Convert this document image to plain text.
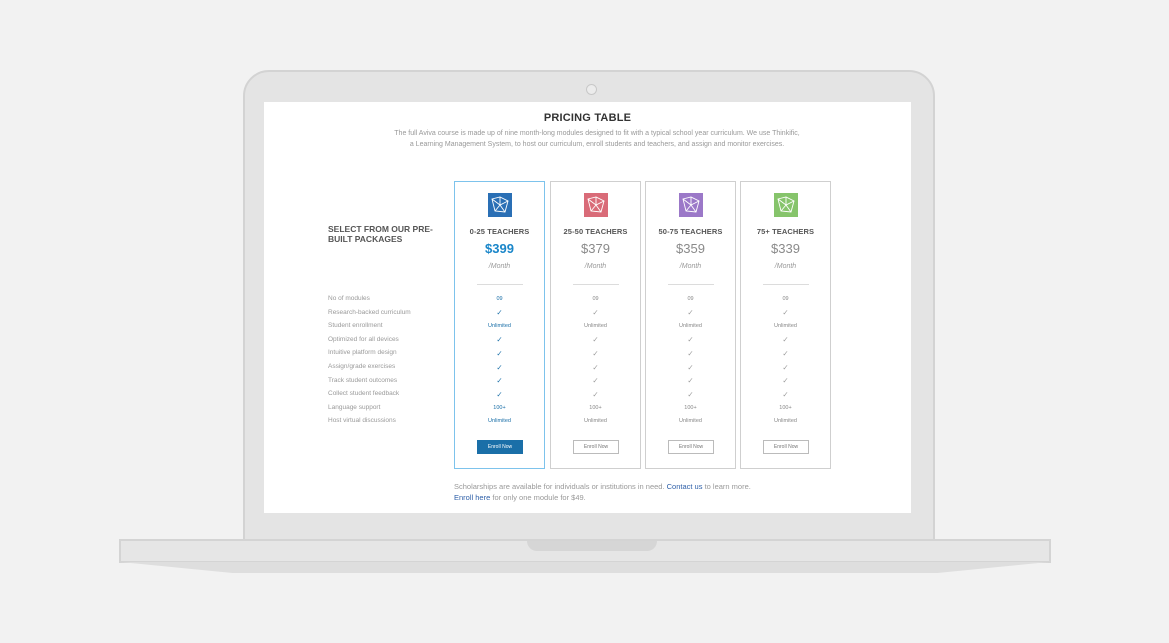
PRICING TABLE
The full Aviva course is made up of nine month-long modules designed to fit with a typical school year curriculum. We use Thinkific, a Learning Management System, to host our curriculum, enroll students and teachers, and assign and monitor exercises.
SELECT FROM OUR PRE-BUILT PACKAGES
No of modules
Research-backed curriculum
Student enrollment
Optimized for all devices
Intuitive platform design
Assign/grade exercises
Track student outcomes
Collect student feedback
Language support
Host virtual discussions
0-25 TEACHERS
$399
/Month
09
✓
Unlimited
✓
✓
✓
✓
✓
100+
Unlimited
Enroll Now
25-50 TEACHERS
$379
/Month
09
✓
Unlimited
✓
✓
✓
✓
✓
100+
Unlimited
Enroll Now
50-75 TEACHERS
$359
/Month
09
✓
Unlimited
✓
✓
✓
✓
✓
100+
Unlimited
Enroll Now
75+ TEACHERS
$339
/Month
09
✓
Unlimited
✓
✓
✓
✓
✓
100+
Unlimited
Enroll Now
Scholarships are available for individuals or institutions in need. Contact us to learn more. Enroll here for only one module for $49.
